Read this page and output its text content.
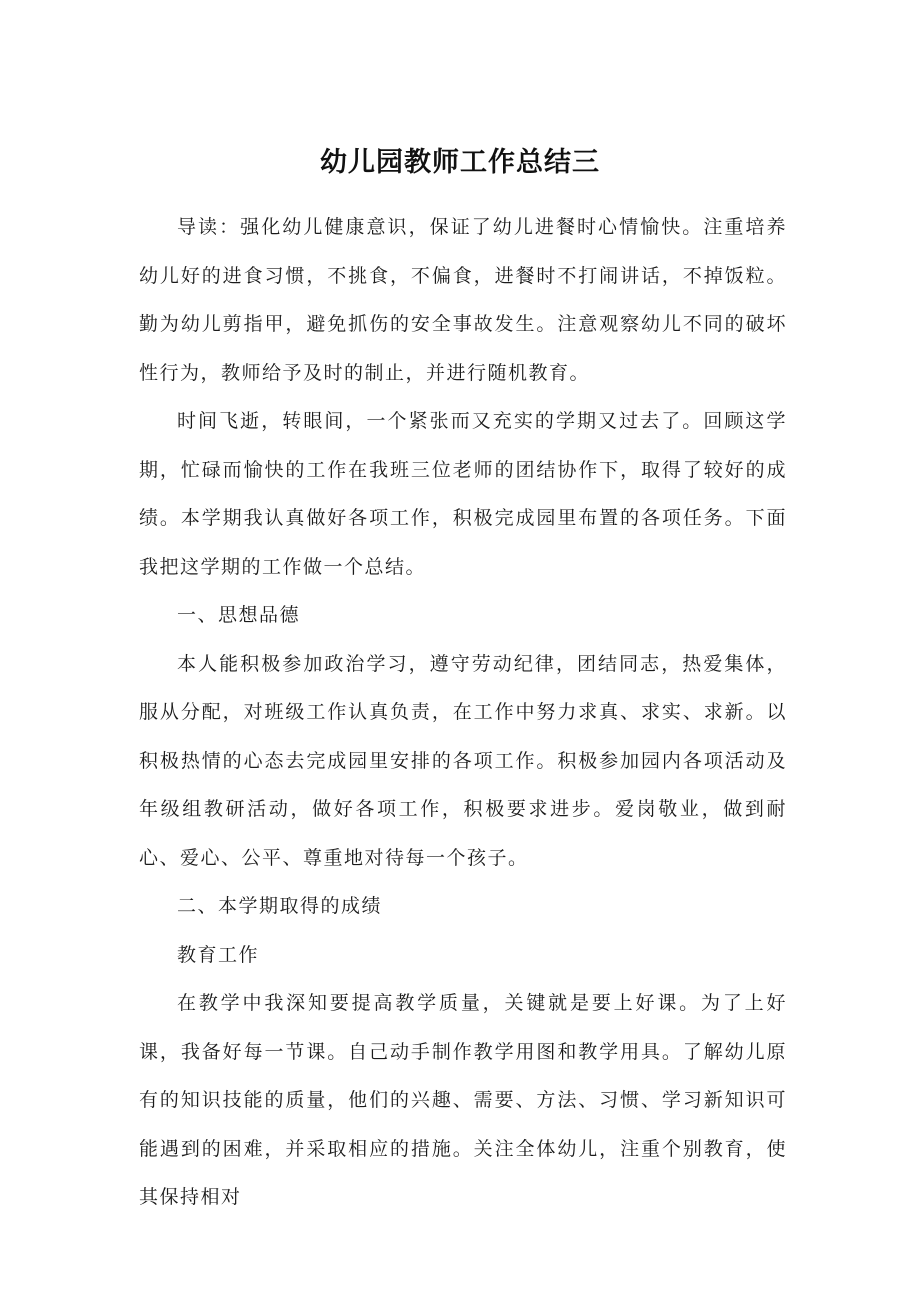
幼儿园教师工作总结三

导读：强化幼儿健康意识，保证了幼儿进餐时心情愉快。注重培养幼儿好的进食习惯，不挑食，不偏食，进餐时不打闹讲话，不掉饭粒。勤为幼儿剪指甲，避免抓伤的安全事故发生。注意观察幼儿不同的破坏性行为，教师给予及时的制止，并进行随机教育。

时间飞逝，转眼间，一个紧张而又充实的学期又过去了。回顾这学期，忙碌而愉快的工作在我班三位老师的团结协作下，取得了较好的成绩。本学期我认真做好各项工作，积极完成园里布置的各项任务。下面我把这学期的工作做一个总结。

一、思想品德

本人能积极参加政治学习，遵守劳动纪律，团结同志，热爱集体，服从分配，对班级工作认真负责，在工作中努力求真、求实、求新。以积极热情的心态去完成园里安排的各项工作。积极参加园内各项活动及年级组教研活动，做好各项工作，积极要求进步。爱岗敬业，做到耐心、爱心、公平、尊重地对待每一个孩子。

二、本学期取得的成绩

教育工作

在教学中我深知要提高教学质量，关键就是要上好课。为了上好课，我备好每一节课。自己动手制作教学用图和教学用具。了解幼儿原有的知识技能的质量，他们的兴趣、需要、方法、习惯、学习新知识可能遇到的困难，并采取相应的措施。关注全体幼儿，注重个别教育，使其保持相对
